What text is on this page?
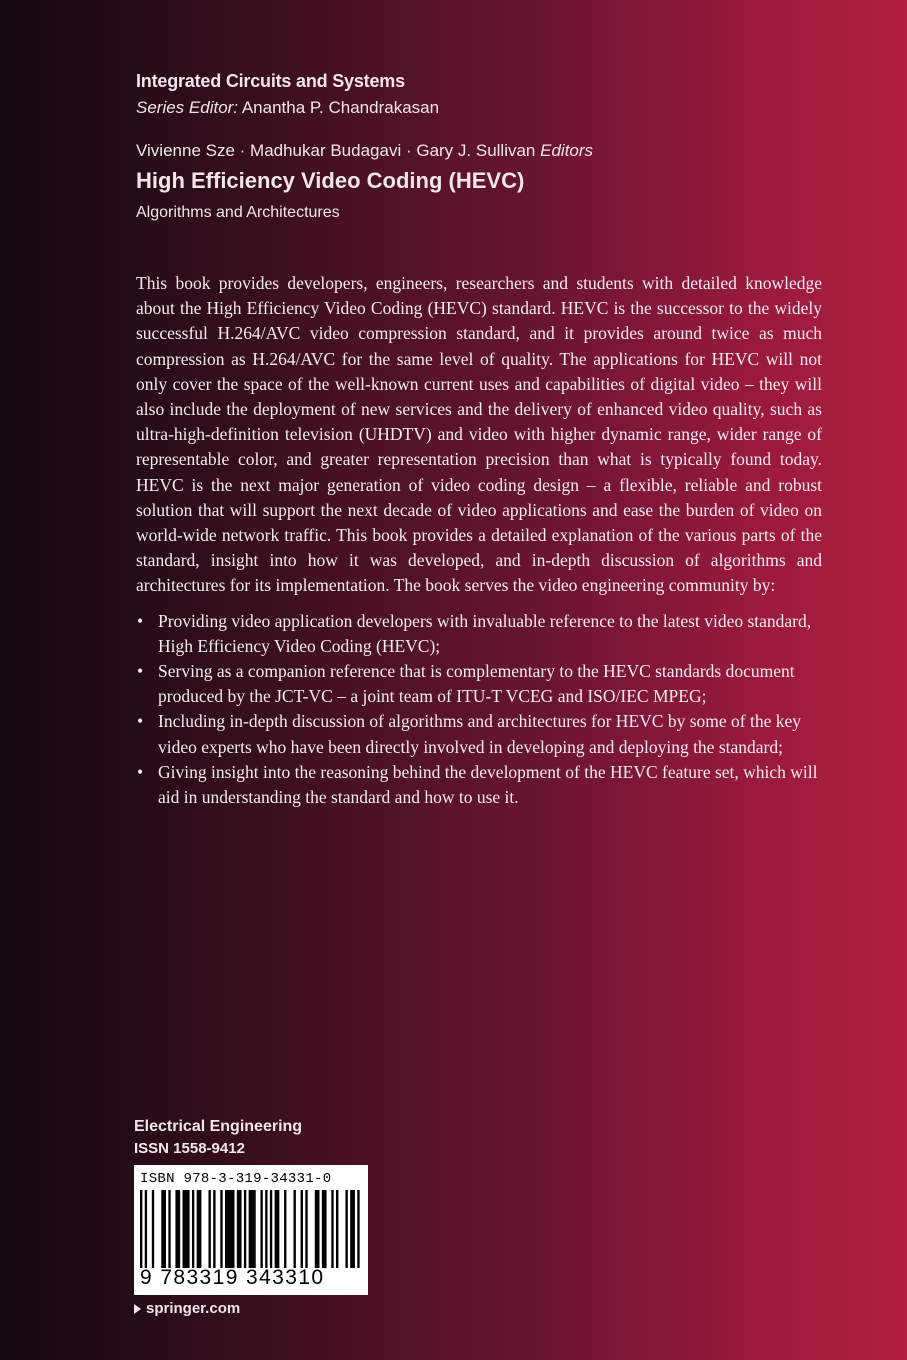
Integrated Circuits and Systems

Series Editor: Anantha P. Chandrakasan

Vivienne Sze · Madhukar Budagavi · Gary J. Sullivan Editors

High Efficiency Video Coding (HEVC)

Algorithms and Architectures

This book provides developers, engineers, researchers and students with detailed knowledge about the High Efficiency Video Coding (HEVC) standard. HEVC is the successor to the widely successful H.264/AVC video compression standard, and it provides around twice as much compression as H.264/AVC for the same level of quality. The applications for HEVC will not only cover the space of the well-known current uses and capabilities of digital video – they will also include the deployment of new services and the delivery of enhanced video quality, such as ultra-high-definition television (UHDTV) and video with higher dynamic range, wider range of representable color, and greater representation precision than what is typically found today. HEVC is the next major generation of video coding design – a flexible, reliable and robust solution that will support the next decade of video applications and ease the burden of video on world-wide network traffic. This book provides a detailed explanation of the various parts of the standard, insight into how it was developed, and in-depth discussion of algorithms and architectures for its implementation. The book serves the video engineering community by:

• Providing video application developers with invaluable reference to the latest video standard, High Efficiency Video Coding (HEVC);
• Serving as a companion reference that is complementary to the HEVC standards document produced by the JCT-VC – a joint team of ITU-T VCEG and ISO/IEC MPEG;
• Including in-depth discussion of algorithms and architectures for HEVC by some of the key video experts who have been directly involved in developing and deploying the standard;
• Giving insight into the reasoning behind the development of the HEVC feature set, which will aid in understanding the standard and how to use it.

Electrical Engineering

ISSN 1558-9412

ISBN 978-3-319-34331-0
9 783319 343310
springer.com
